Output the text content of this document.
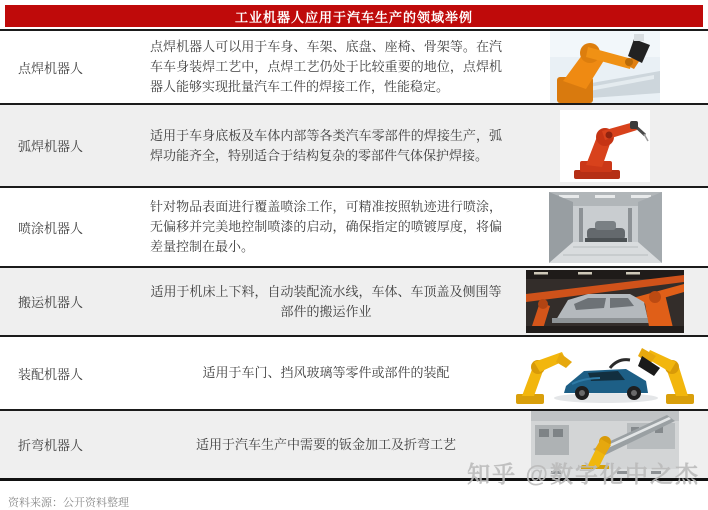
工业机器人应用于汽车生产的领域举例
点焊机器人
点焊机器人可以用于车身、车架、底盘、座椅、骨架等。在汽车车身装焊工艺中，点焊工艺仍处于比较重要的地位，点焊机器人能够实现批量汽车工件的焊接工作，性能稳定。
弧焊机器人
适用于车身底板及车体内部等各类汽车零部件的焊接生产，弧焊功能齐全，特别适合于结构复杂的零部件气体保护焊接。
喷涂机器人
针对物品表面进行覆盖喷涂工作，可精准按照轨迹进行喷涂，无偏移并完美地控制喷漆的启动，确保指定的喷镀厚度，将偏差量控制在最小。
搬运机器人
适用于机床上下料，自动装配流水线，车体、车顶盖及侧围等部件的搬运作业
装配机器人	适用于车门、挡风玻璃等零件或部件的装配
折弯机器人	适用于汽车生产中需要的钣金加工及折弯工艺
知乎 @数字化中之杰
资料来源：公开资料整理
